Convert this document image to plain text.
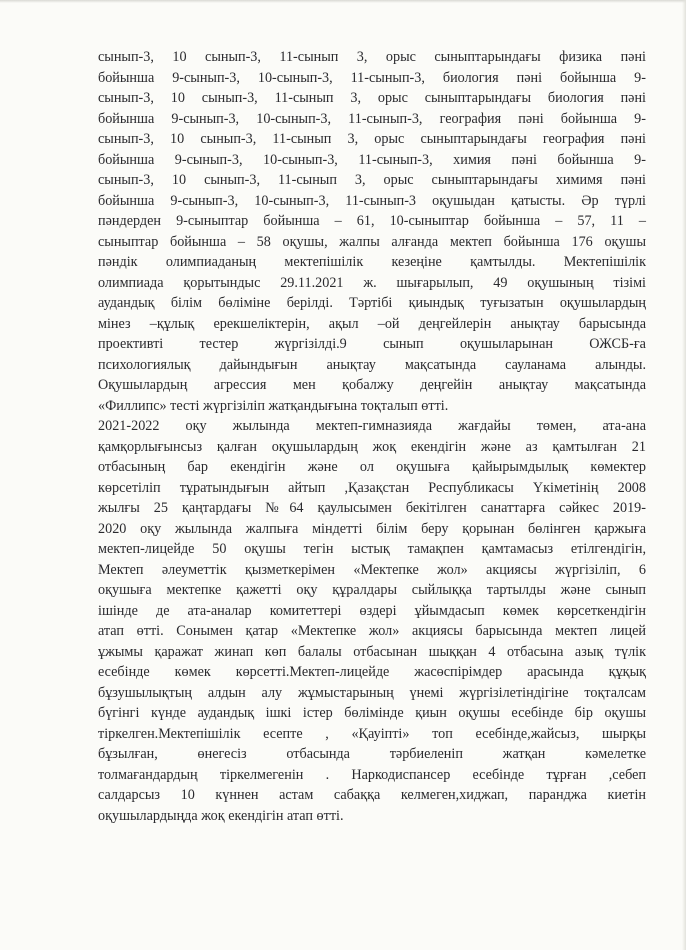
сынып-3, 10 сынып-3, 11-сынып 3, орыс сыныптарындағы физика пәні
бойынша 9-сынып-3, 10-сынып-3, 11-сынып-3, биология пәні бойынша 9-
сынып-3, 10 сынып-3, 11-сынып 3, орыс сыныптарындағы биология пәні
бойынша 9-сынып-3, 10-сынып-3, 11-сынып-3, география пәні бойынша 9-
сынып-3, 10 сынып-3, 11-сынып 3, орыс сыныптарындағы география пәні
бойынша 9-сынып-3, 10-сынып-3, 11-сынып-3, химия пәні бойынша 9-
сынып-3, 10 сынып-3, 11-сынып 3, орыс сыныптарындағы химимя пәні
бойынша 9-сынып-3, 10-сынып-3, 11-сынып-3 оқушыдан қатысты. Әр түрлі
пәндерден 9-сыныптар бойынша – 61, 10-сыныптар бойынша – 57, 11 –
сыныптар бойынша – 58 оқушы, жалпы алғанда мектеп бойынша 176 оқушы
пәндік олимпиаданың мектепішілік кезеңіне қамтылды. Мектепішілік
олимпиада қорытындыс 29.11.2021 ж. шығарылып, 49 оқушының тізімі
аудандық білім бөліміне берілді. Тәртібі қиындық туғызатын оқушылардың
мінез –құлық ерекшеліктерін, ақыл –ой деңгейлерін анықтау барысында
проективті тестер жүргізілді.9 сынып оқушыларынан ОЖСБ-ға
психологиялық дайындығын анықтау мақсатында сауланама алынды.
Оқушылардың агрессия мен қобалжу деңгейін анықтау мақсатында
«Филлипс» тесті жүргізіліп жатқандығына тоқталып өтті.
2021-2022 оқу жылында мектеп-гимназияда жағдайы төмен, ата-ана
қамқорлығынсыз қалған оқушылардың жоқ екендігін және аз қамтылған 21
отбасының бар екендігін және ол оқушыға қайырымдылық көмектер
көрсетіліп тұратындығын айтып ,Қазақстан Республикасы Үкіметінің 2008
жылғы 25 қаңтардағы №64 қаулысымен бекітілген санаттарға сәйкес 2019-
2020 оқу жылында жалпыға міндетті білім беру қорынан бөлінген қаржыға
мектеп-лицейде 50 оқушы тегін ыстық тамақпен қамтамасыз етілгендігін,
Мектеп әлеуметтік қызметкерімен «Мектепке жол» акциясы жүргізіліп, 6
оқушыға мектепке қажетті оқу құралдары сыйлыққа тартылды және сынып
ішінде де ата-аналар комитеттері өздері ұйымдасып көмек көрсеткендігін
атап өтті. Сонымен қатар «Мектепке жол» акциясы барысында мектеп лицей
ұжымы қаражат жинап көп балалы отбасынан шыққан 4 отбасына азық түлік
есебінде көмек көрсетті.Мектеп-лицейде жасөспірімдер арасында құқық
бұзушылықтың алдын алу жұмыстарының үнемі жүргізілетіндігіне тоқталсам
бүгінгі күнде аудандық ішкі істер бөлімінде қиын оқушы есебінде бір оқушы
тіркелген.Мектепішілік есепте , «Қауіпті» топ есебінде,жайсыз, шырқы
бұзылған, өнегесіз отбасында тәрбиеленіп жатқан кәмелетке
толмағандардың тіркелмегенін . Наркодиспансер есебінде тұрған ,себеп
салдарсыз 10 күннен астам сабаққа келмеген,хиджап, паранджа киетін
оқушылардыңда жоқ екендігін атап өтті.
